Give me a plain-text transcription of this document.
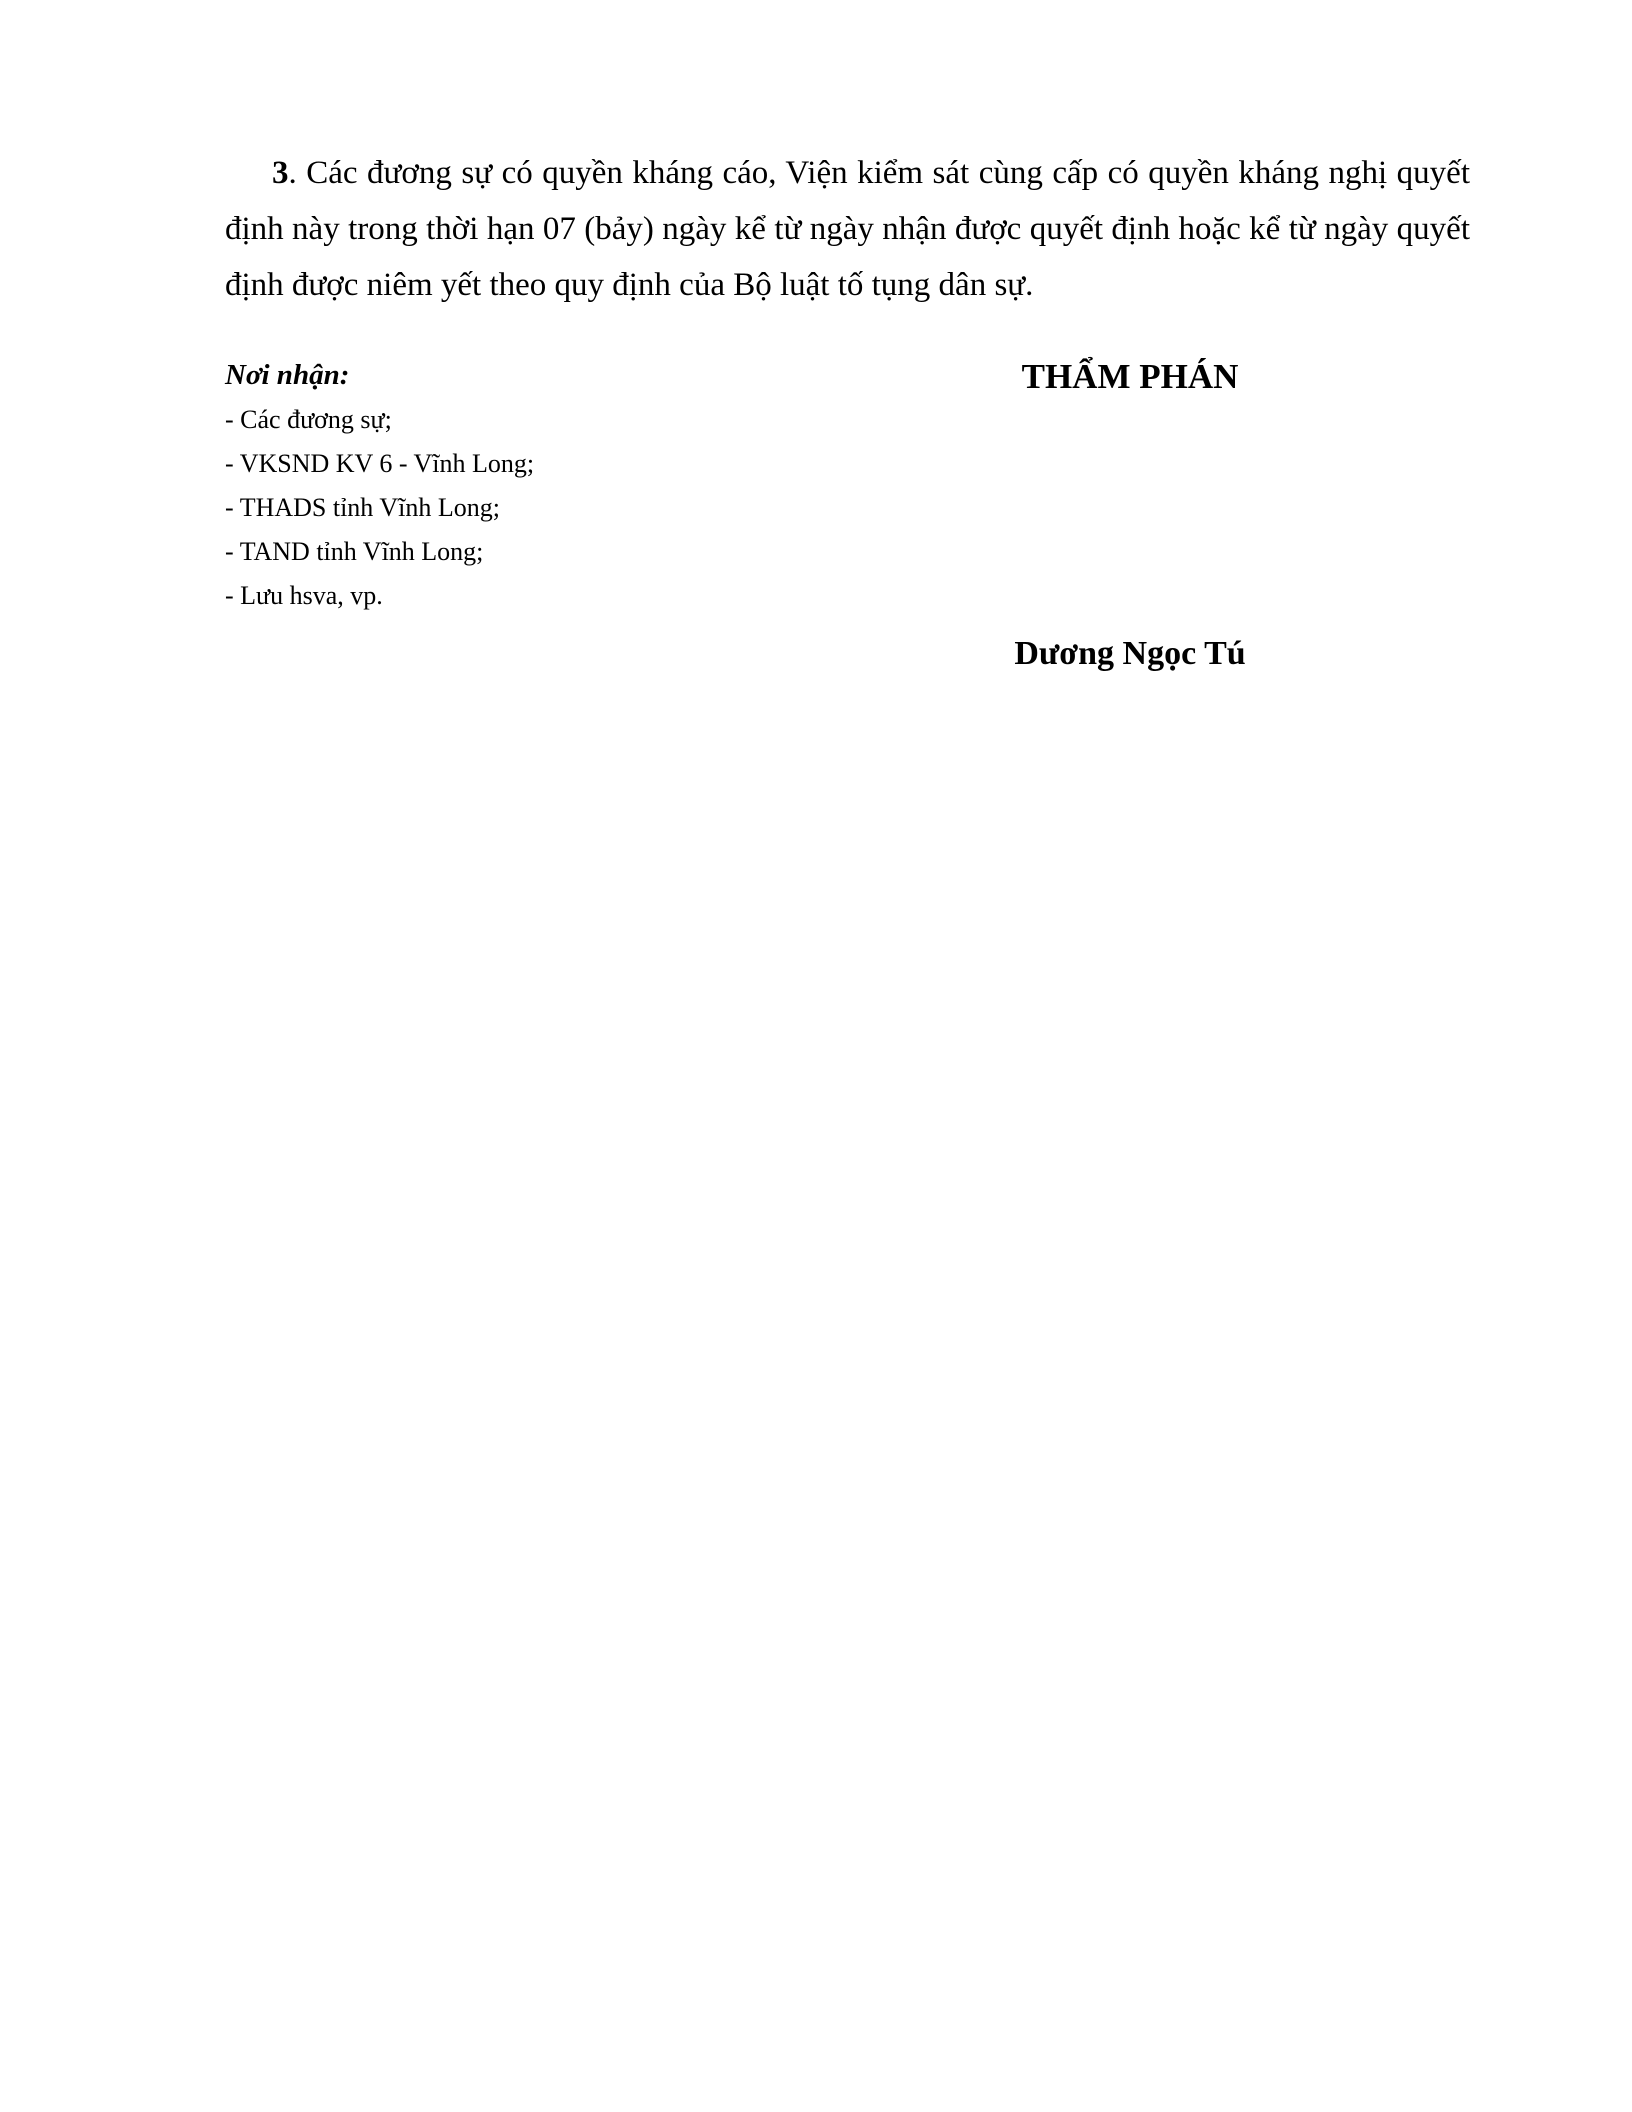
3. Các đương sự có quyền kháng cáo, Viện kiểm sát cùng cấp có quyền kháng nghị quyết định này trong thời hạn 07 (bảy) ngày kể từ ngày nhận được quyết định hoặc kể từ ngày quyết định được niêm yết theo quy định của Bộ luật tố tụng dân sự.

Nơi nhận:

- Các đương sự;
- VKSND KV 6 - Vĩnh Long;
- THADS tỉnh Vĩnh Long;
- TAND tỉnh Vĩnh Long;
- Lưu hsva, vp.

THẨM PHÁN

Dương Ngọc Tú
